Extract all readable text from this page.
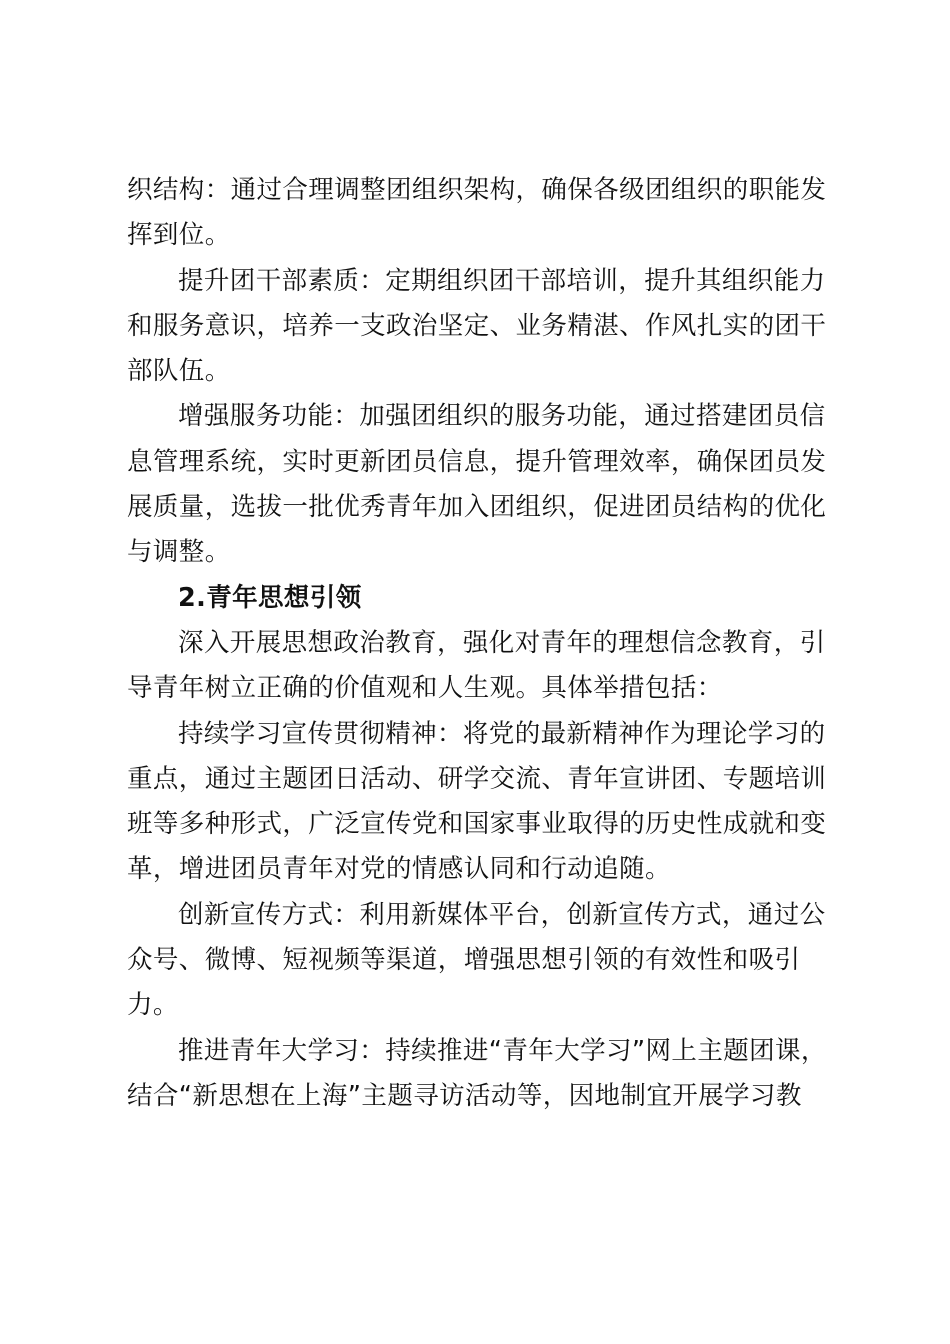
织结构：通过合理调整团组织架构，确保各级团组织的职能发
挥到位。
提升团干部素质：定期组织团干部培训，提升其组织能力
和服务意识，培养一支政治坚定、业务精湛、作风扎实的团干
部队伍。
增强服务功能：加强团组织的服务功能，通过搭建团员信
息管理系统，实时更新团员信息，提升管理效率，确保团员发
展质量，选拔一批优秀青年加入团组织，促进团员结构的优化
与调整。
2.青年思想引领
深入开展思想政治教育，强化对青年的理想信念教育，引
导青年树立正确的价值观和人生观。具体举措包括：
持续学习宣传贯彻精神：将党的最新精神作为理论学习的
重点，通过主题团日活动、研学交流、青年宣讲团、专题培训
班等多种形式，广泛宣传党和国家事业取得的历史性成就和变
革，增进团员青年对党的情感认同和行动追随。
创新宣传方式：利用新媒体平台，创新宣传方式，通过公
众号、微博、短视频等渠道，增强思想引领的有效性和吸引
力。
推进青年大学习：持续推进“青年大学习”网上主题团课，
结合“新思想在上海”主题寻访活动等，因地制宜开展学习教
